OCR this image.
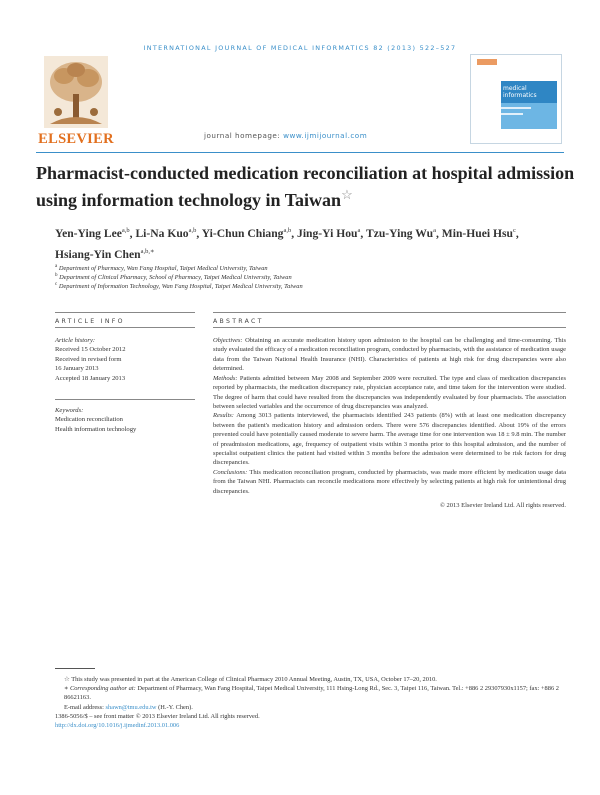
INTERNATIONAL JOURNAL OF MEDICAL INFORMATICS 82 (2013) 522–527
ELSEVIER	journal homepage: www.ijmijournal.com
medical informatics
Pharmacist-conducted medication reconciliation at hospital admission using information technology in Taiwan☆
Yen-Ying Lee$^{a,b}$, Li-Na Kuo$^{a,b}$, Yi-Chun Chiang$^{a,b}$, Jing-Yi Hou$^a$, Tzu-Ying Wu$^a$, Min-Huei Hsu$^c$, Hsiang-Yin Chen$^{a,b,∗}$
$^a$ Department of Pharmacy, Wan Fang Hospital, Taipei Medical University, Taiwan
$^b$ Department of Clinical Pharmacy, School of Pharmacy, Taipei Medical University, Taiwan
$^c$ Department of Information Technology, Wan Fang Hospital, Taipei Medical University, Taiwan
ARTICLE INFO	ABSTRACT
Article history:
Received 15 October 2012
Received in revised form
16 January 2013
Accepted 18 January 2013
Keywords:
Medication reconciliation
Health information technology

Objectives: Obtaining an accurate medication history upon admission to the hospital can be challenging and time-consuming. This study evaluated the efficacy of a medication reconciliation program, conducted by pharmacists, with the assistance of medication usage data from the Taiwan National Health Insurance (NHI). Characteristics of patients at high risk for drug discrepancies were also determined.

Methods: Patients admitted between May 2008 and September 2009 were recruited. The type and class of medication discrepancies reported by pharmacists, the medication discrepancy rate, physician acceptance rate, and time taken for the intervention were studied. The degree of harm that could have resulted from the discrepancies was independently evaluated by four pharmacists. The association between selected variables and the occurrence of drug discrepancies was analyzed.

Results: Among 3013 patients interviewed, the pharmacists identified 243 patients (8%) with at least one medication discrepancy between the patient's medication history and admission orders. There were 576 discrepancies identified. About 19% of the errors prevented could have potentially caused moderate to severe harm. The average time for one intervention was 18 ± 9.8 min. The number of preadmission medications, age, frequency of outpatient visits within 3 months prior to this hospital admission, and the number of specialist outpatient clinics the patient had visited within 3 months before the admission were determined to be risk factors for drug discrepancies.

Conclusions: This medication reconciliation program, conducted by pharmacists, was made more efficient by medication usage data from the Taiwan NHI. Pharmacists can reconcile medications more effectively by selecting patients at high risk for unintentional drug discrepancies.

© 2013 Elsevier Ireland Ltd. All rights reserved.

☆ This study was presented in part at the American College of Clinical Pharmacy 2010 Annual Meeting, Austin, TX, USA, October 17–20, 2010.
∗ Corresponding author at: Department of Pharmacy, Wan Fang Hospital, Taipei Medical University, 111 Hsing-Long Rd., Sec. 3, Taipei 116, Taiwan. Tel.: +886 2 29307930x1157; fax: +886 2 86621163.
E-mail address: shawn@tmu.edu.tw (H.-Y. Chen).
1386-5056/$ – see front matter © 2013 Elsevier Ireland Ltd. All rights reserved.
http://dx.doi.org/10.1016/j.ijmedinf.2013.01.006
